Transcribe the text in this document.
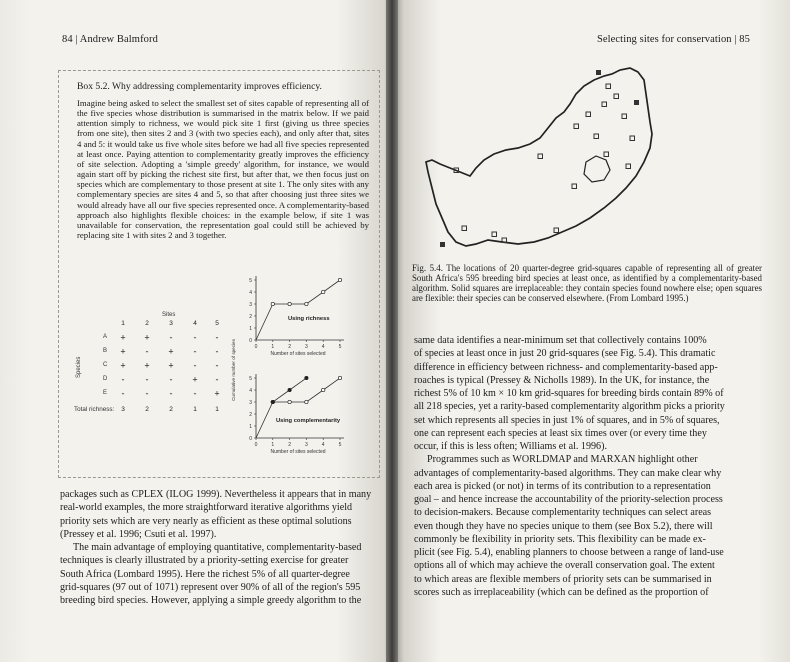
84 | Andrew Balmford	Selecting sites for conservation | 85
Box 5.2. Why addressing complementarity improves efficiency.
Imagine being asked to select the smallest set of sites capable of representing all of the five species whose distribution is summarised in the matrix below. If we paid attention simply to richness, we would pick site 1 first (giving us three species from one site), then sites 2 and 3 (with two species each), and only after that, sites 4 and 5: it would take us five whole sites before we had all five species represented at least once. Paying attention to complementarity greatly improves the efficiency of site selection. Adopting a 'simple greedy' algorithm, for instance, we would again start off by picking the richest site first, but after that, we then focus just on species which are complementary to those present at site 1. The only sites with any complementary species are sites 4 and 5, so that after choosing just three sites we would already have all our five species represented once. A complementarity-based approach also highlights flexible choices: in the example below, if site 1 was unavailable for conservation, the representation goal could still be achieved by replacing site 1 with sites 2 and 3 together.
Sites
Species
1	2	3	4	5
A + + - - -
B + - + - -
C + + + - -
D - - - + -
E - - - - +
Total richness: 3	2	2	1	1
0	1	2	3	4	5
0
1
2
3
4
5
Number of sites selected
Cumulative number of species
Using richness
0	1	2	3	4	5
0
1
2
3
4
5
Number of sites selected
Using complementarity

packages such as CPLEX (ILOG 1999). Nevertheless it appears that in many

real-world examples, the more straightforward iterative algorithms yield

priority sets which are very nearly as efficient as these optimal solutions

(Pressey et al. 1996; Csuti et al. 1997).

The main advantage of employing quantitative, complementarity-based

techniques is clearly illustrated by a priority-setting exercise for greater

South Africa (Lombard 1995). Here the richest 5% of all quarter-degree

grid-squares (97 out of 1071) represent over 90% of all of the region's 595

breeding bird species. However, applying a simple greedy algorithm to the

Fig. 5.4. The locations of 20 quarter-degree grid-squares capable of representing all of greater South Africa's 595 breeding bird species at least once, as identified by a complementarity-based algorithm. Solid squares are irreplaceable: they contain species found nowhere else; open squares are flexible: their species can be conserved elsewhere. (From Lombard 1995.)

same data identifies a near-minimum set that collectively contains 100%

of species at least once in just 20 grid-squares (see Fig. 5.4). This dramatic

difference in efficiency between richness- and complementarity-based app-

roaches is typical (Pressey & Nicholls 1989). In the UK, for instance, the

richest 5% of 10 km × 10 km grid-squares for breeding birds contain 89% of

all 218 species, yet a rarity-based complementarity algorithm picks a priority

set which represents all species in just 1% of squares, and in 5% of squares,

one can represent each species at least six times over (or every time they

occur, if this is less often; Williams et al. 1996).

Programmes such as WORLDMAP and MARXAN highlight other

advantages of complementarity-based algorithms. They can make clear why

each area is picked (or not) in terms of its contribution to a representation

goal – and hence increase the accountability of the priority-selection process

to decision-makers. Because complementarity techniques can select areas

even though they have no species unique to them (see Box 5.2), there will

commonly be flexibility in priority sets. This flexibility can be made ex-

plicit (see Fig. 5.4), enabling planners to choose between a range of land-use

options all of which may achieve the overall conservation goal. The extent

to which areas are flexible members of priority sets can be summarised in

scores such as irreplaceability (which can be defined as the proportion of
